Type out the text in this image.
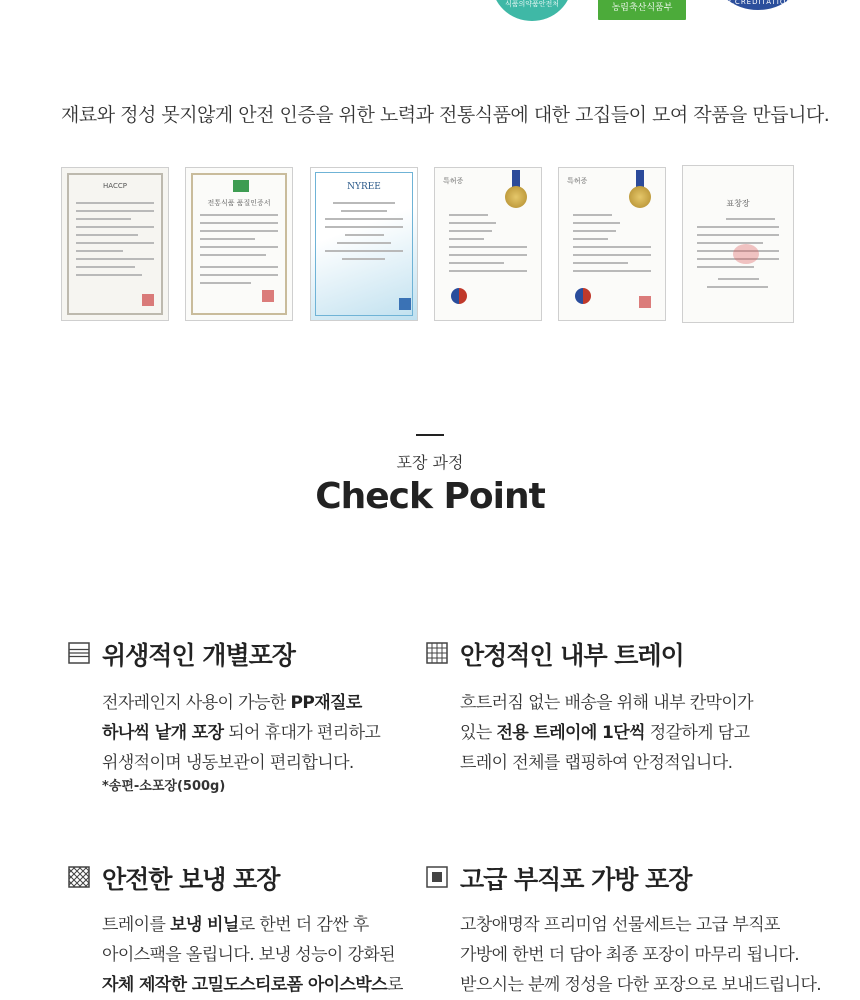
식품의약품안전처	농림축산식품부
ACCREDITATION
재료와 정성 못지않게 안전 인증을 위한 노력과 전통식품에 대한 고집들이 모여 작품을 만듭니다.
HACCP
전통식품 품질인증서
NYREE
특허증	특허증
표창장
포장 과정
Check Point
위생적인 개별포장
전자레인지 사용이 가능한 PP재질로
하나씩 낱개 포장 되어 휴대가 편리하고
위생적이며 냉동보관이 편리합니다.
*송편-소포장(500g)
안정적인 내부 트레이
흐트러짐 없는 배송을 위해 내부 칸막이가
있는 전용 트레이에 1단씩 정갈하게 담고
트레이 전체를 랩핑하여 안정적입니다.
안전한 보냉 포장
트레이를 보냉 비닐로 한번 더 감싼 후
아이스팩을 올립니다. 보냉 성능이 강화된
자체 제작한 고밀도스티로폼 아이스박스로
고급 부직포 가방 포장
고창애명작 프리미엄 선물세트는 고급 부직포
가방에 한번 더 담아 최종 포장이 마무리 됩니다.
받으시는 분께 정성을 다한 포장으로 보내드립니다.
